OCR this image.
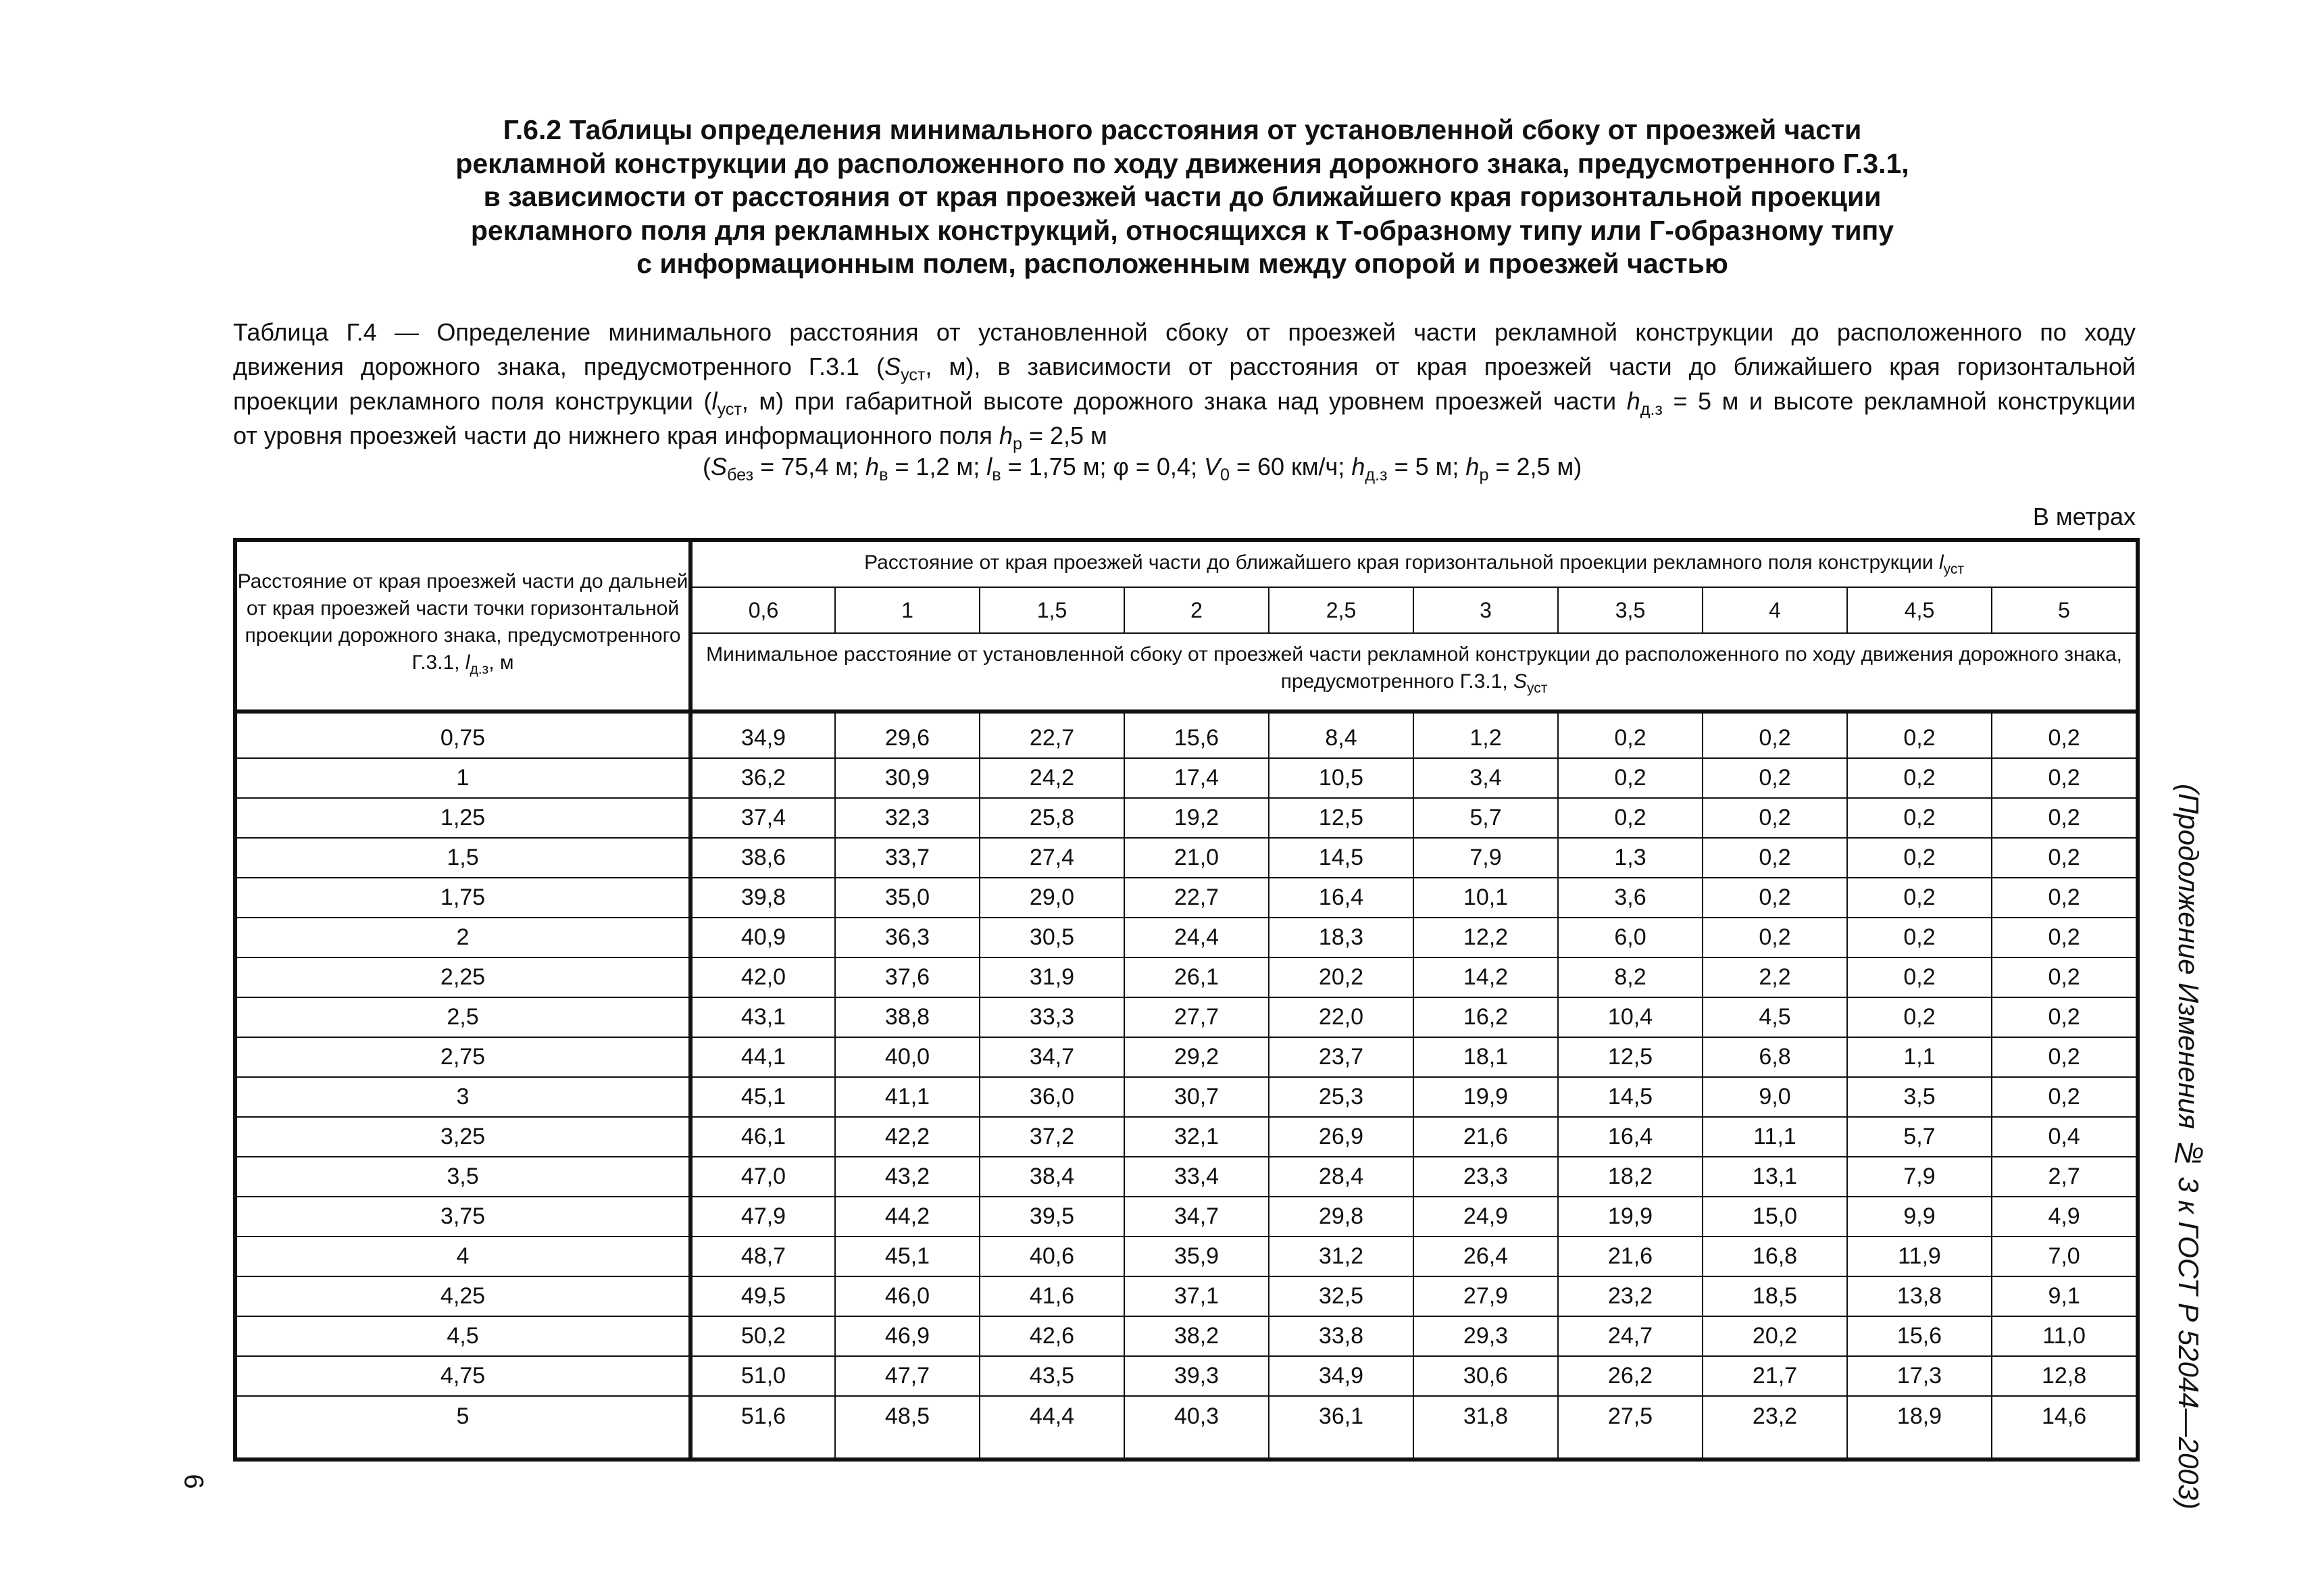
Г.6.2 Таблицы определения минимального расстояния от установленной сбоку от проезжей части
рекламной конструкции до расположенного по ходу движения дорожного знака, предусмотренного Г.3.1,
в зависимости от расстояния от края проезжей части до ближайшего края горизонтальной проекции
рекламного поля для рекламных конструкций, относящихся к Т-образному типу или Г-образному типу
с информационным полем, расположенным между опорой и проезжей частью
Таблица Г.4 — Определение минимального расстояния от установленной сбоку от проезжей части рекламной конструкции до расположенного по ходу
движения дорожного знака, предусмотренного Г.3.1 ($S_{уст}$, м), в зависимости от расстояния от края проезжей части до ближайшего края горизонтальной
проекции рекламного поля конструкции ($l_{уст}$, м) при габаритной высоте дорожного знака над уровнем проезжей части $h_{д.з} = 5$ м и высоте рекламной конструкции
от уровня проезжей части до нижнего края информационного поля $h_р = 2,5$ м
($S_{без} = 75,4$ м; $h_в = 1,2$ м; $l_в = 1,75$ м; φ = 0,4; $V_0 = 60$ км/ч; $h_{д.з} = 5$ м; $h_р = 2,5$ м)
В метрах
Расстояние от края проезжей части до дальней от края проезжей части точки горизонтальной проекции дорожного знака, предусмотренного Г.3.1, $l_{д.з}$, м	Расстояние от края проезжей части до ближайшего края горизонтальной проекции рекламного поля конструкции $l_{уст}$
	0,6	1	1,5	2	2,5	3	3,5	4	4,5	5
	Минимальное расстояние от установленной сбоку от проезжей части рекламной конструкции до расположенного по ходу движения дорожного знака, предусмотренного Г.3.1, $S_{уст}$
0,75	34,9	29,6	22,7	15,6	8,4	1,2	0,2	0,2	0,2	0,2
1	36,2	30,9	24,2	17,4	10,5	3,4	0,2	0,2	0,2	0,2
1,25	37,4	32,3	25,8	19,2	12,5	5,7	0,2	0,2	0,2	0,2
1,5	38,6	33,7	27,4	21,0	14,5	7,9	1,3	0,2	0,2	0,2
1,75	39,8	35,0	29,0	22,7	16,4	10,1	3,6	0,2	0,2	0,2
2	40,9	36,3	30,5	24,4	18,3	12,2	6,0	0,2	0,2	0,2
2,25	42,0	37,6	31,9	26,1	20,2	14,2	8,2	2,2	0,2	0,2
2,5	43,1	38,8	33,3	27,7	22,0	16,2	10,4	4,5	0,2	0,2
2,75	44,1	40,0	34,7	29,2	23,7	18,1	12,5	6,8	1,1	0,2
3	45,1	41,1	36,0	30,7	25,3	19,9	14,5	9,0	3,5	0,2
3,25	46,1	42,2	37,2	32,1	26,9	21,6	16,4	11,1	5,7	0,4
3,5	47,0	43,2	38,4	33,4	28,4	23,3	18,2	13,1	7,9	2,7
3,75	47,9	44,2	39,5	34,7	29,8	24,9	19,9	15,0	9,9	4,9
4	48,7	45,1	40,6	35,9	31,2	26,4	21,6	16,8	11,9	7,0
4,25	49,5	46,0	41,6	37,1	32,5	27,9	23,2	18,5	13,8	9,1
4,5	50,2	46,9	42,6	38,2	33,8	29,3	24,7	20,2	15,6	11,0
4,75	51,0	47,7	43,5	39,3	34,9	30,6	26,2	21,7	17,3	12,8
5	51,6	48,5	44,4	40,3	36,1	31,8	27,5	23,2	18,9	14,6	(Продолжение Изменения № 3 к ГОСТ Р 52044—2003)
6
